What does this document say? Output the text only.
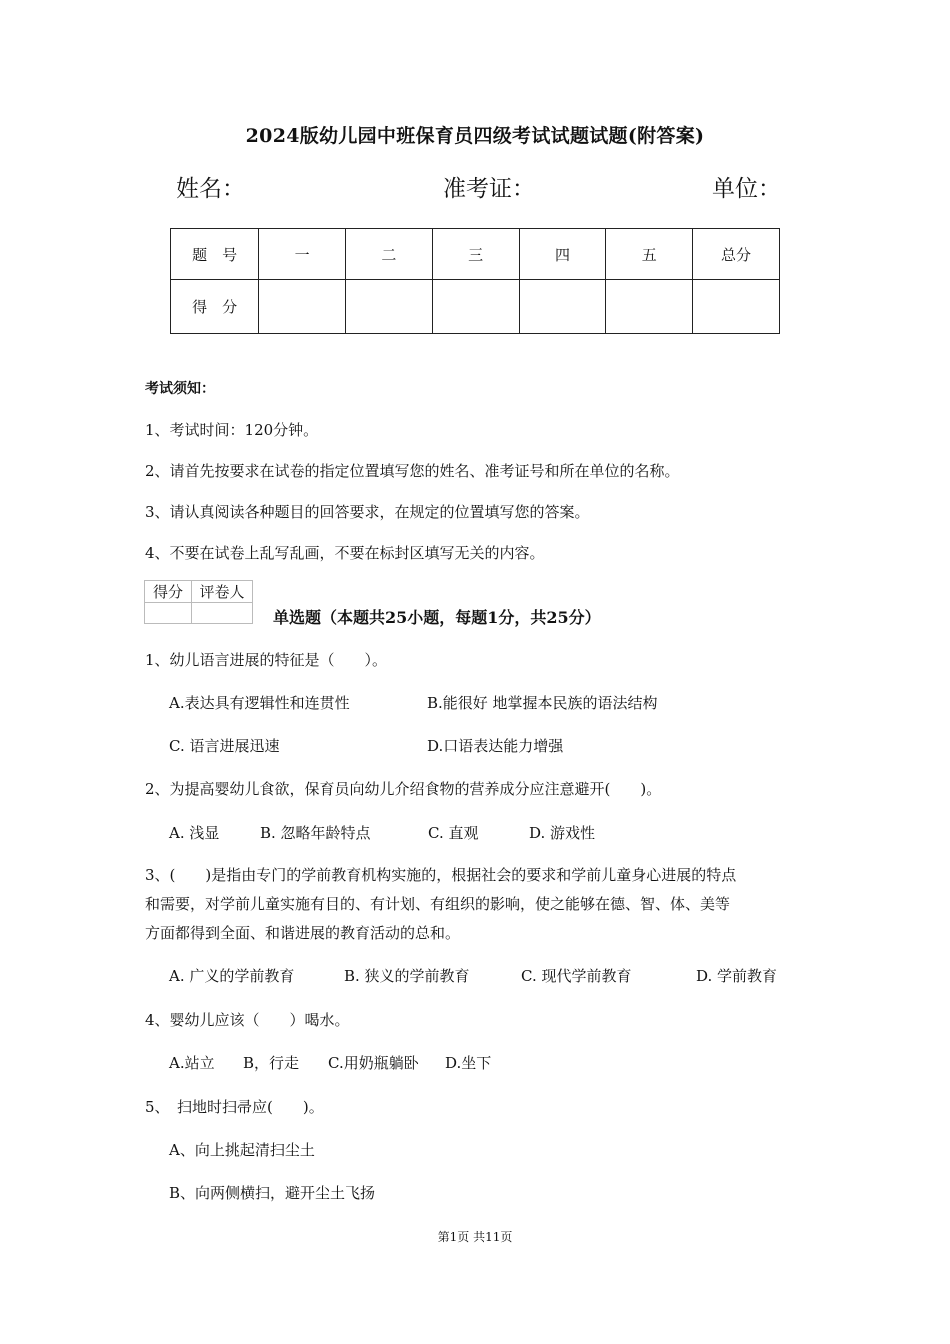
2024版幼儿园中班保育员四级考试试题试题(附答案)
姓名：	准考证：	单位：
题　号	一	二	三	四	五	总分
得　分						
考试须知：
1、考试时间：120分钟。
2、请首先按要求在试卷的指定位置填写您的姓名、准考证号和所在单位的名称。
3、请认真阅读各种题目的回答要求，在规定的位置填写您的答案。
4、不要在试卷上乱写乱画，不要在标封区填写无关的内容。
得分	评卷人

单选题（本题共25小题，每题1分，共25分）
1、幼儿语言进展的特征是（　　）。
A.表达具有逻辑性和连贯性	B.能很好 地掌握本民族的语法结构
C. 语言进展迅速	D.口语表达能力增强
2、为提高婴幼儿食欲，保育员向幼儿介绍食物的营养成分应注意避开(　　)。
A. 浅显	B. 忽略年龄特点	C. 直观	D. 游戏性
3、(　　)是指由专门的学前教育机构实施的，根据社会的要求和学前儿童身心进展的特点
和需要，对学前儿童实施有目的、有计划、有组织的影响，使之能够在德、智、体、美等
方面都得到全面、和谐进展的教育活动的总和。
A. 广义的学前教育	B. 狭义的学前教育	C. 现代学前教育	D. 学前教育
4、婴幼儿应该（　　）喝水。
A.站立 B，行走 C.用奶瓶躺卧 D.坐下
5、　扫地时扫帚应(　　)。
A、向上挑起清扫尘土
B、向两侧横扫，避开尘土飞扬
第1页 共11页
